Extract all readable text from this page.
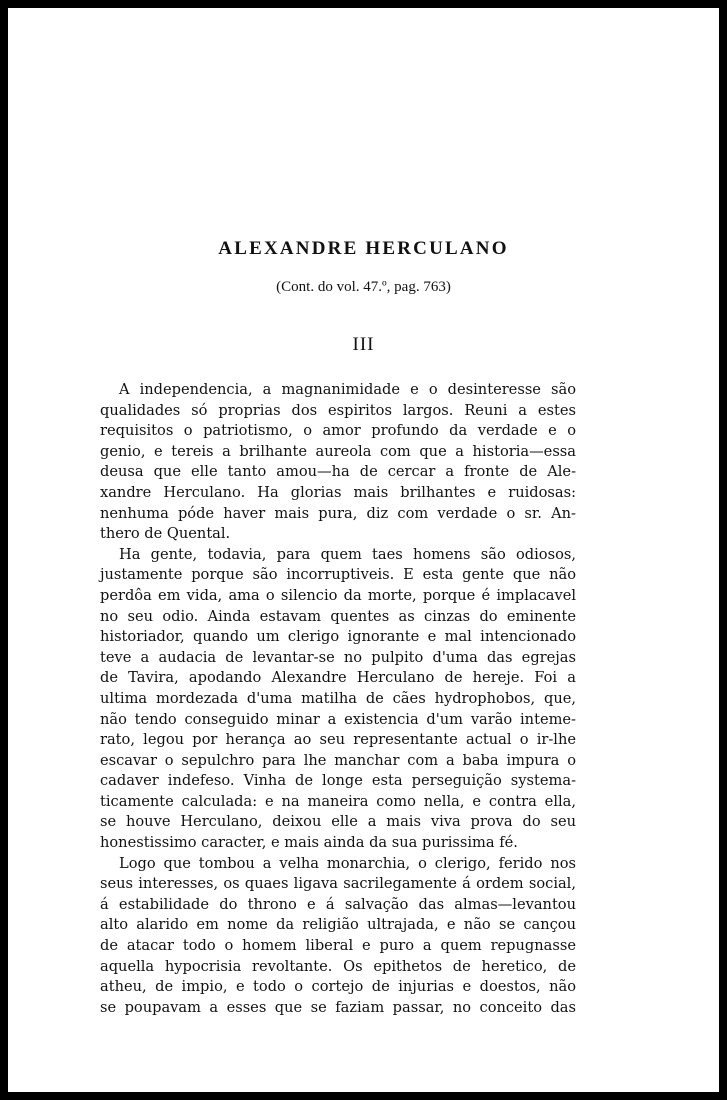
ALEXANDRE HERCULANO
(Cont. do vol. 47.º, pag. 763)
III
A independencia, a magnanimidade e o desinteresse são
qualidades só proprias dos espiritos largos. Reuni a estes
requisitos o patriotismo, o amor profundo da verdade e o
genio, e tereis a brilhante aureola com que a historia—essa
deusa que elle tanto amou—ha de cercar a fronte de Ale-
xandre Herculano. Ha glorias mais brilhantes e ruidosas:
nenhuma póde haver mais pura, diz com verdade o sr. An-
thero de Quental.
Ha gente, todavia, para quem taes homens são odiosos,
justamente porque são incorruptiveis. E esta gente que não
perdôa em vida, ama o silencio da morte, porque é implacavel
no seu odio. Ainda estavam quentes as cinzas do eminente
historiador, quando um clerigo ignorante e mal intencionado
teve a audacia de levantar-se no pulpito d'uma das egrejas
de Tavira, apodando Alexandre Herculano de hereje. Foi a
ultima mordezada d'uma matilha de cães hydrophobos, que,
não tendo conseguido minar a existencia d'um varão inteme-
rato, legou por herança ao seu representante actual o ir-lhe
escavar o sepulchro para lhe manchar com a baba impura o
cadaver indefeso. Vinha de longe esta perseguição systema-
ticamente calculada: e na maneira como nella, e contra ella,
se houve Herculano, deixou elle a mais viva prova do seu
honestissimo caracter, e mais ainda da sua purissima fé.
Logo que tombou a velha monarchia, o clerigo, ferido nos
seus interesses, os quaes ligava sacrilegamente á ordem social,
á estabilidade do throno e á salvação das almas—levantou
alto alarido em nome da religião ultrajada, e não se cançou
de atacar todo o homem liberal e puro a quem repugnasse
aquella hypocrisia revoltante. Os epithetos de heretico, de
atheu, de impio, e todo o cortejo de injurias e doestos, não
se poupavam a esses que se faziam passar, no conceito das
